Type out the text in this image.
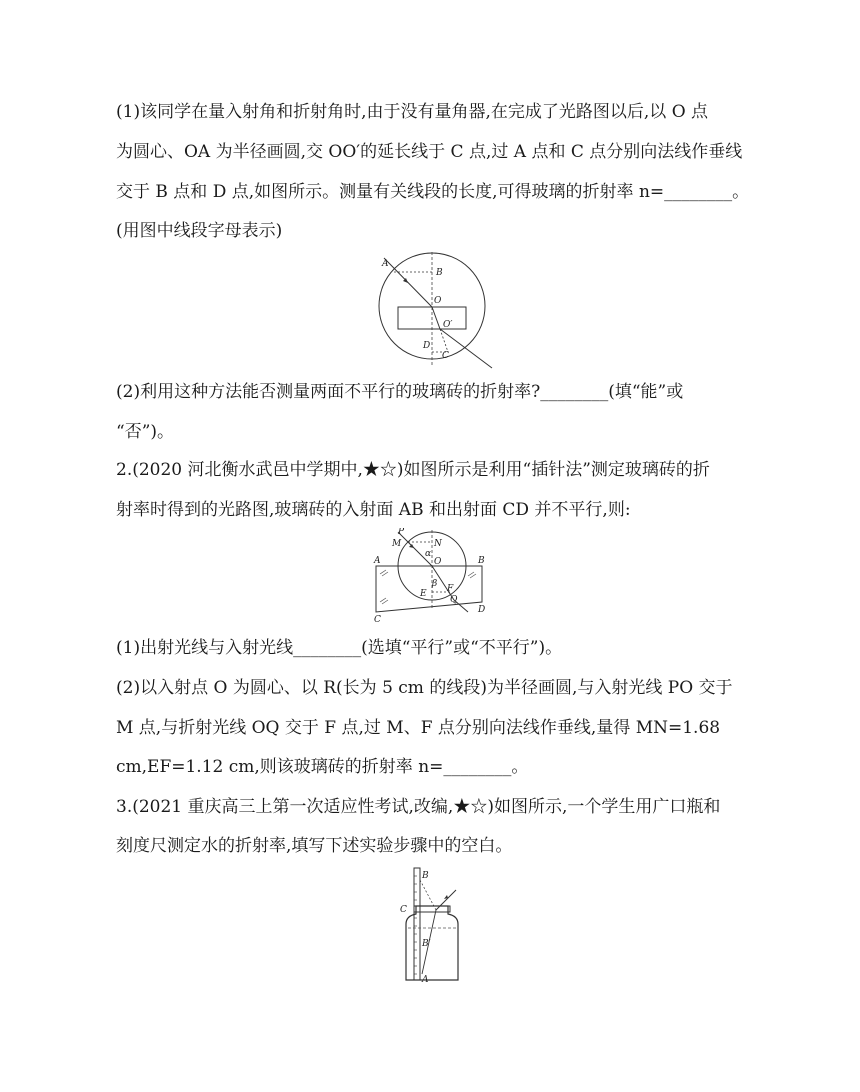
(1)该同学在量入射角和折射角时,由于没有量角器,在完成了光路图以后,以 O 点
为圆心、OA 为半径画圆,交 OO′的延长线于 C 点,过 A 点和 C 点分别向法线作垂线
交于 B 点和 D 点,如图所示。测量有关线段的长度,可得玻璃的折射率 n=________。
(用图中线段字母表示)
A
B
O
O′
D
C
(2)利用这种方法能否测量两面不平行的玻璃砖的折射率?________(填“能”或
“否”)。
2.(2020 河北衡水武邑中学期中,★☆)如图所示是利用“插针法”测定玻璃砖的折
射率时得到的光路图,玻璃砖的入射面 AB 和出射面 CD 并不平行,则:
P
M	N
A	O	B
α
β
E F
Q
C
D
(1)出射光线与入射光线________(选填“平行”或“不平行”)。
(2)以入射点 O 为圆心、以 R(长为 5 cm 的线段)为半径画圆,与入射光线 PO 交于
M 点,与折射光线 OQ 交于 F 点,过 M、F 点分别向法线作垂线,量得 MN=1.68
cm,EF=1.12 cm,则该玻璃砖的折射率 n=________。
3.(2021 重庆高三上第一次适应性考试,改编,★☆)如图所示,一个学生用广口瓶和
刻度尺测定水的折射率,填写下述实验步骤中的空白。
B
C
B′
A
